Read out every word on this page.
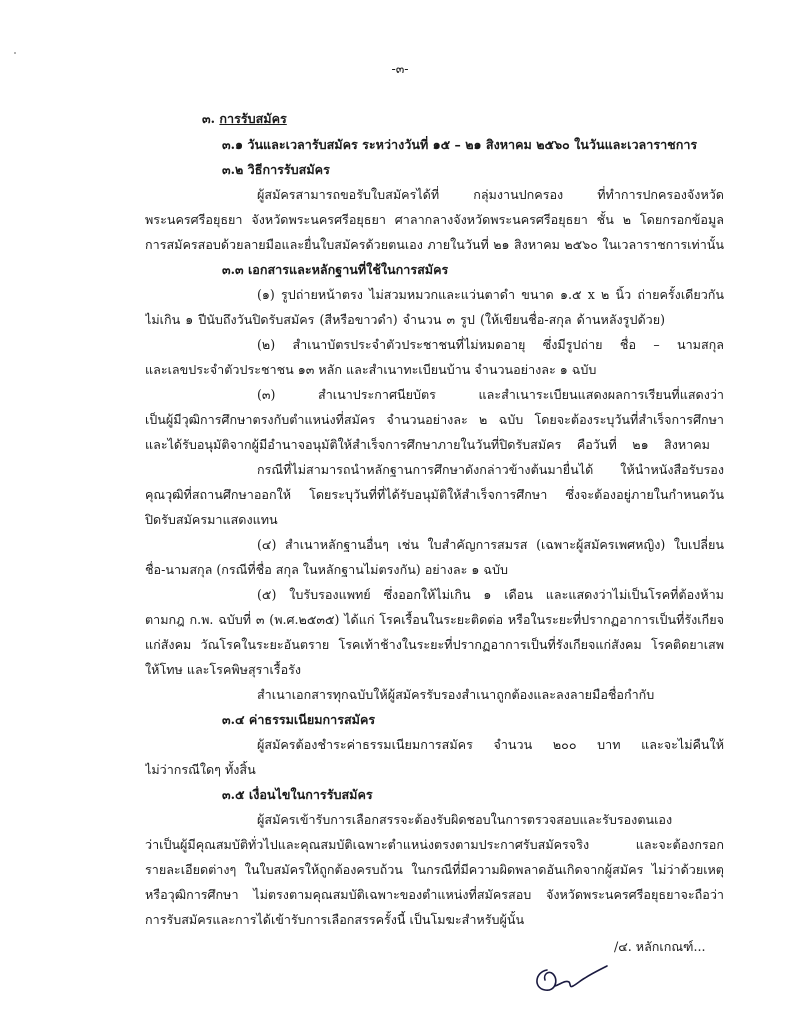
-๓-
๓. การรับสมัคร
๓.๑ วันและเวลารับสมัคร ระหว่างวันที่ ๑๕ – ๒๑ สิงหาคม ๒๕๖๐ ในวันและเวลาราชการ
๓.๒ วิธีการรับสมัคร
ผู้สมัครสามารถขอรับใบสมัครได้ที่ กลุ่มงานปกครอง ที่ทำการปกครองจังหวัด
พระนครศรีอยุธยา จังหวัดพระนครศรีอยุธยา ศาลากลางจังหวัดพระนครศรีอยุธยา ชั้น ๒ โดยกรอกข้อมูล
การสมัครสอบด้วยลายมือและยื่นใบสมัครด้วยตนเอง ภายในวันที่ ๒๑ สิงหาคม ๒๕๖๐ ในเวลาราชการเท่านั้น
๓.๓ เอกสารและหลักฐานที่ใช้ในการสมัคร
(๑) รูปถ่ายหน้าตรง ไม่สวมหมวกและแว่นตาดำ ขนาด ๑.๕ x ๒ นิ้ว ถ่ายครั้งเดียวกัน
ไม่เกิน ๑ ปีนับถึงวันปิดรับสมัคร (สีหรือขาวดำ) จำนวน ๓ รูป (ให้เขียนชื่อ-สกุล ด้านหลังรูปด้วย)
(๒) สำเนาบัตรประจำตัวประชาชนที่ไม่หมดอายุ ซึ่งมีรูปถ่าย ชื่อ – นามสกุล
และเลขประจำตัวประชาชน ๑๓ หลัก และสำเนาทะเบียนบ้าน จำนวนอย่างละ ๑ ฉบับ
(๓) สำเนาประกาศนียบัตร และสำเนาระเบียนแสดงผลการเรียนที่แสดงว่า
เป็นผู้มีวุฒิการศึกษาตรงกับตำแหน่งที่สมัคร จำนวนอย่างละ ๒ ฉบับ โดยจะต้องระบุวันที่สำเร็จการศึกษา
และได้รับอนุมัติจากผู้มีอำนาจอนุมัติให้สำเร็จการศึกษาภายในวันที่ปิดรับสมัคร คือวันที่ ๒๑ สิงหาคม
กรณีที่ไม่สามารถนำหลักฐานการศึกษาดังกล่าวข้างต้นมายื่นได้ ให้นำหนังสือรับรอง
คุณวุฒิที่สถานศึกษาออกให้ โดยระบุวันที่ที่ได้รับอนุมัติให้สำเร็จการศึกษา ซึ่งจะต้องอยู่ภายในกำหนดวัน
ปิดรับสมัครมาแสดงแทน
(๔) สำเนาหลักฐานอื่นๆ เช่น ใบสำคัญการสมรส (เฉพาะผู้สมัครเพศหญิง) ใบเปลี่ยน
ชื่อ-นามสกุล (กรณีที่ชื่อ สกุล ในหลักฐานไม่ตรงกัน) อย่างละ ๑ ฉบับ
(๕) ใบรับรองแพทย์ ซึ่งออกให้ไม่เกิน ๑ เดือน และแสดงว่าไม่เป็นโรคที่ต้องห้าม
ตามกฎ ก.พ. ฉบับที่ ๓ (พ.ศ.๒๕๓๕) ได้แก่ โรคเรื้อนในระยะติดต่อ หรือในระยะที่ปรากฏอาการเป็นที่รังเกียจ
แก่สังคม วัณโรคในระยะอันตราย โรคเท้าช้างในระยะที่ปรากฏอาการเป็นที่รังเกียจแก่สังคม โรคติดยาเสพ
ให้โทษ และโรคพิษสุราเรื้อรัง
สำเนาเอกสารทุกฉบับให้ผู้สมัครรับรองสำเนาถูกต้องและลงลายมือชื่อกำกับ
๓.๔ ค่าธรรมเนียมการสมัคร
ผู้สมัครต้องชำระค่าธรรมเนียมการสมัคร จำนวน ๒๐๐ บาท และจะไม่คืนให้
ไม่ว่ากรณีใดๆ ทั้งสิ้น
๓.๕ เงื่อนไขในการรับสมัคร
ผู้สมัครเข้ารับการเลือกสรรจะต้องรับผิดชอบในการตรวจสอบและรับรองตนเอง
ว่าเป็นผู้มีคุณสมบัติทั่วไปและคุณสมบัติเฉพาะตำแหน่งตรงตามประกาศรับสมัครจริง และจะต้องกรอก
รายละเอียดต่างๆ ในใบสมัครให้ถูกต้องครบถ้วน ในกรณีที่มีความผิดพลาดอันเกิดจากผู้สมัคร ไม่ว่าด้วยเหตุ
หรือวุฒิการศึกษา ไม่ตรงตามคุณสมบัติเฉพาะของตำแหน่งที่สมัครสอบ จังหวัดพระนครศรีอยุธยาจะถือว่า
การรับสมัครและการได้เข้ารับการเลือกสรรครั้งนี้ เป็นโมฆะสำหรับผู้นั้น
/๔. หลักเกณฑ์...
